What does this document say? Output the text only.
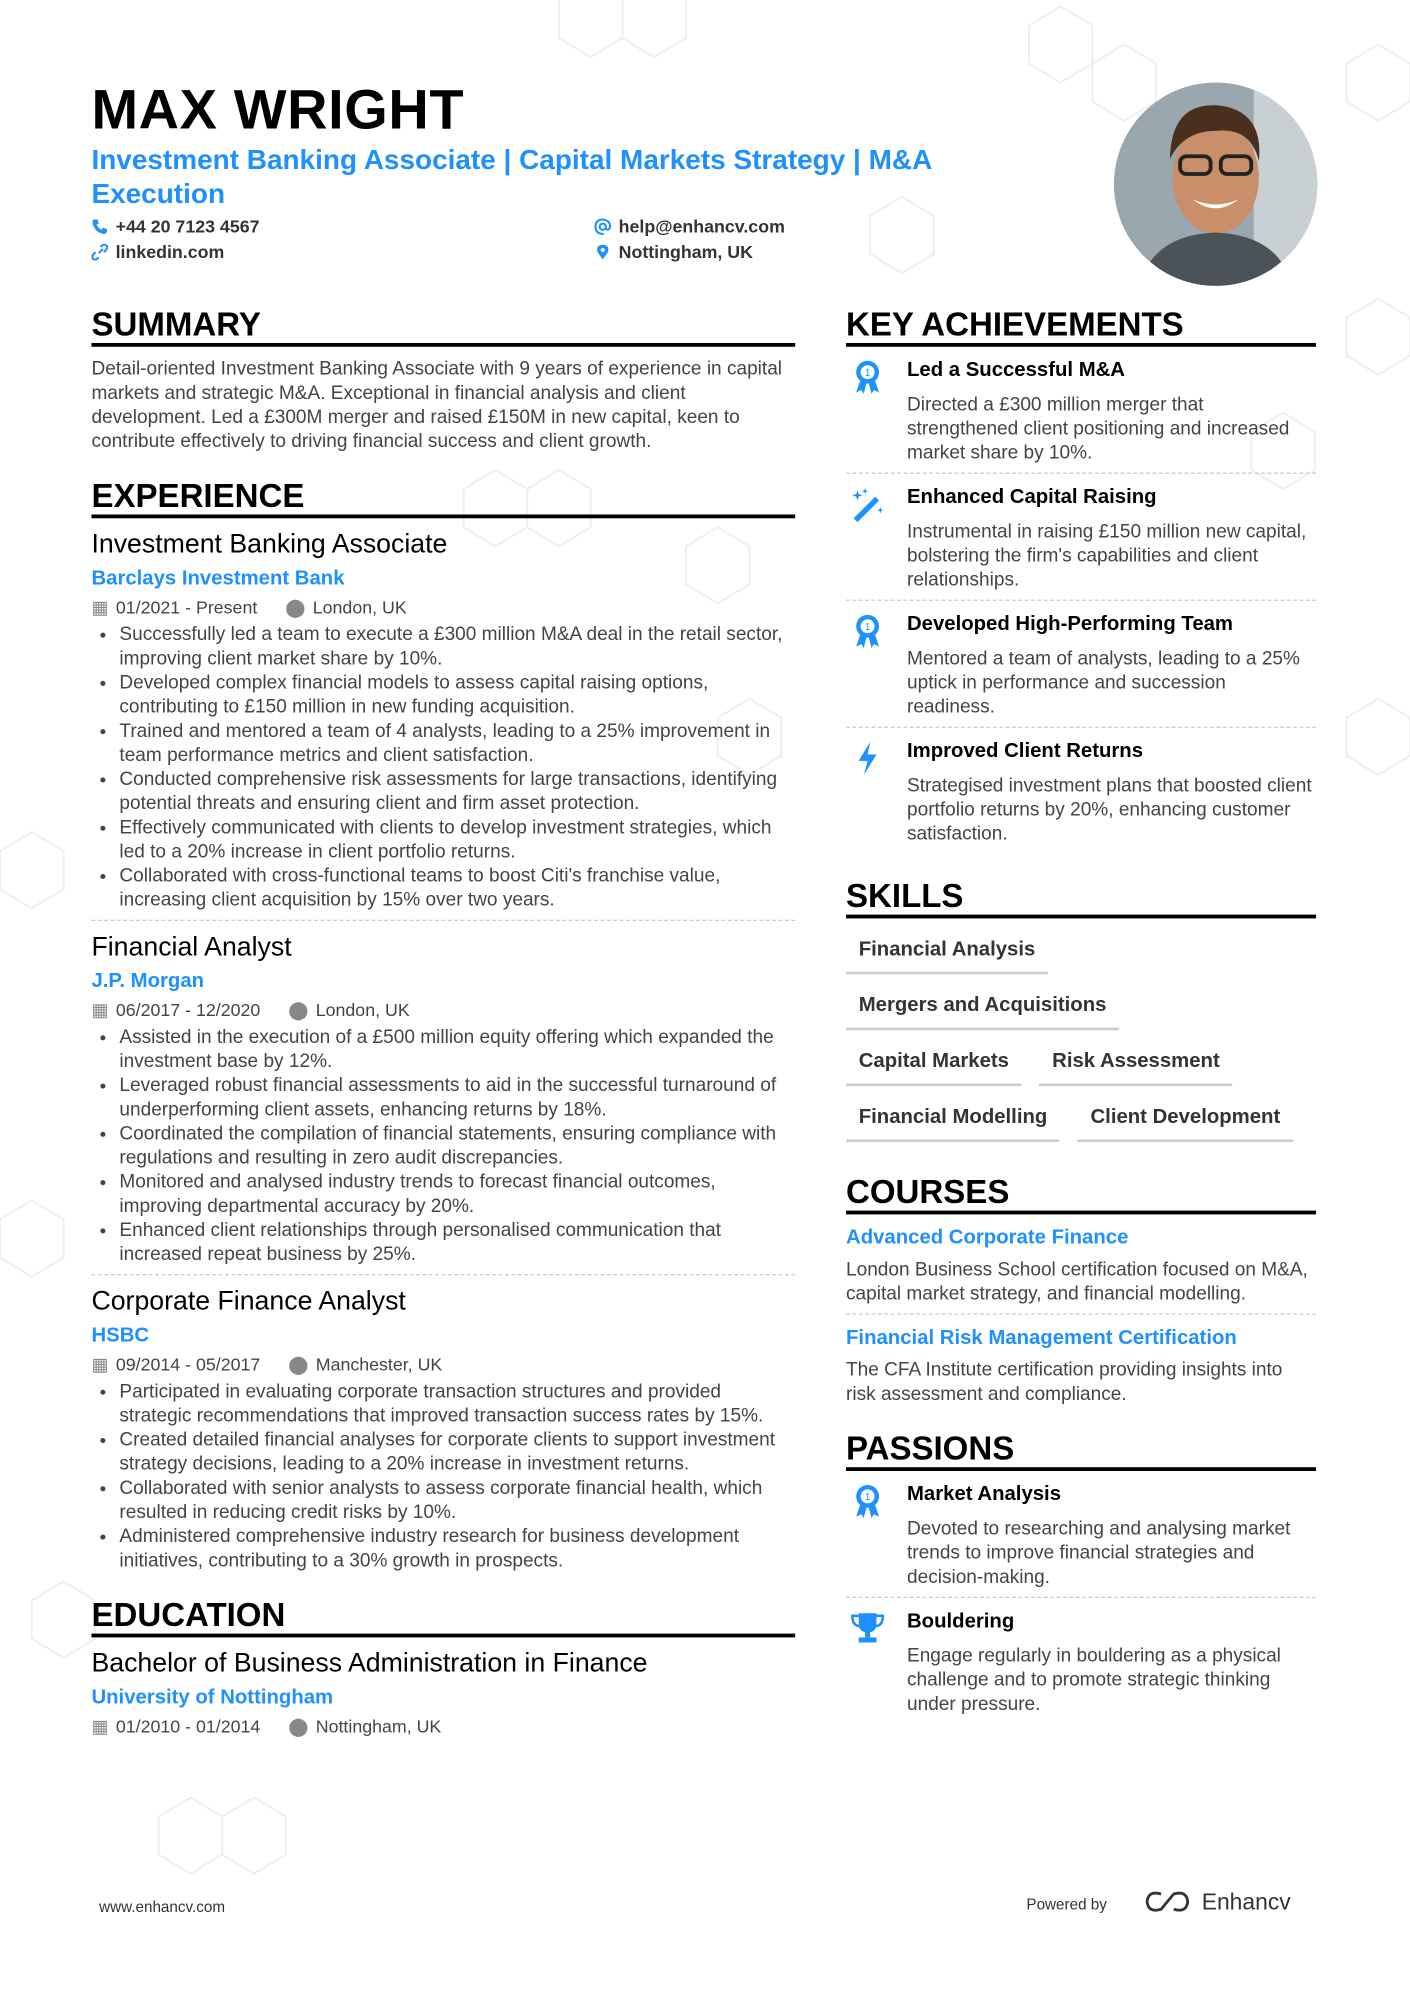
MAX WRIGHT
Investment Banking Associate | Capital Markets Strategy | M&A Execution
+44 20 7123 4567
linkedin.com
help@enhancv.com
Nottingham, UK
SUMMARY
Detail-oriented Investment Banking Associate with 9 years of experience in capital markets and strategic M&A. Exceptional in financial analysis and client development. Led a £300M merger and raised £150M in new capital, keen to contribute effectively to driving financial success and client growth.
EXPERIENCE
Investment Banking Associate
Barclays Investment Bank
▦ 01/2021 - Present ⬤ London, UK
• Successfully led a team to execute a £300 million M&A deal in the retail sector, improving client market share by 10%.
• Developed complex financial models to assess capital raising options, contributing to £150 million in new funding acquisition.
• Trained and mentored a team of 4 analysts, leading to a 25% improvement in team performance metrics and client satisfaction.
• Conducted comprehensive risk assessments for large transactions, identifying potential threats and ensuring client and firm asset protection.
• Effectively communicated with clients to develop investment strategies, which led to a 20% increase in client portfolio returns.
• Collaborated with cross-functional teams to boost Citi's franchise value, increasing client acquisition by 15% over two years.
Financial Analyst
J.P. Morgan
▦ 06/2017 - 12/2020 ⬤ London, UK
• Assisted in the execution of a £500 million equity offering which expanded the investment base by 12%.
• Leveraged robust financial assessments to aid in the successful turnaround of underperforming client assets, enhancing returns by 18%.
• Coordinated the compilation of financial statements, ensuring compliance with regulations and resulting in zero audit discrepancies.
• Monitored and analysed industry trends to forecast financial outcomes, improving departmental accuracy by 20%.
• Enhanced client relationships through personalised communication that increased repeat business by 25%.
Corporate Finance Analyst
HSBC
▦ 09/2014 - 05/2017 ⬤ Manchester, UK
• Participated in evaluating corporate transaction structures and provided strategic recommendations that improved transaction success rates by 15%.
• Created detailed financial analyses for corporate clients to support investment strategy decisions, leading to a 20% increase in investment returns.
• Collaborated with senior analysts to assess corporate financial health, which resulted in reducing credit risks by 10%.
• Administered comprehensive industry research for business development initiatives, contributing to a 30% growth in prospects.
EDUCATION
Bachelor of Business Administration in Finance
University of Nottingham
▦ 01/2010 - 01/2014 ⬤ Nottingham, UK
KEY ACHIEVEMENTS
1 Led a Successful M&A
Directed a £300 million merger that strengthened client positioning and increased market share by 10%.
Enhanced Capital Raising
Instrumental in raising £150 million new capital, bolstering the firm's capabilities and client relationships.
1 Developed High-Performing Team
Mentored a team of analysts, leading to a 25% uptick in performance and succession readiness.
Improved Client Returns
Strategised investment plans that boosted client portfolio returns by 20%, enhancing customer satisfaction.
SKILLS
Financial Analysis
Mergers and Acquisitions
Capital Markets	Risk Assessment
Financial Modelling	Client Development
COURSES
Advanced Corporate Finance
London Business School certification focused on M&A, capital market strategy, and financial modelling.
Financial Risk Management Certification
The CFA Institute certification providing insights into risk assessment and compliance.
PASSIONS
1 Market Analysis
Devoted to researching and analysing market trends to improve financial strategies and decision-making.
Bouldering
Engage regularly in bouldering as a physical challenge and to promote strategic thinking under pressure.
www.enhancv.com	Powered by	Enhancv
